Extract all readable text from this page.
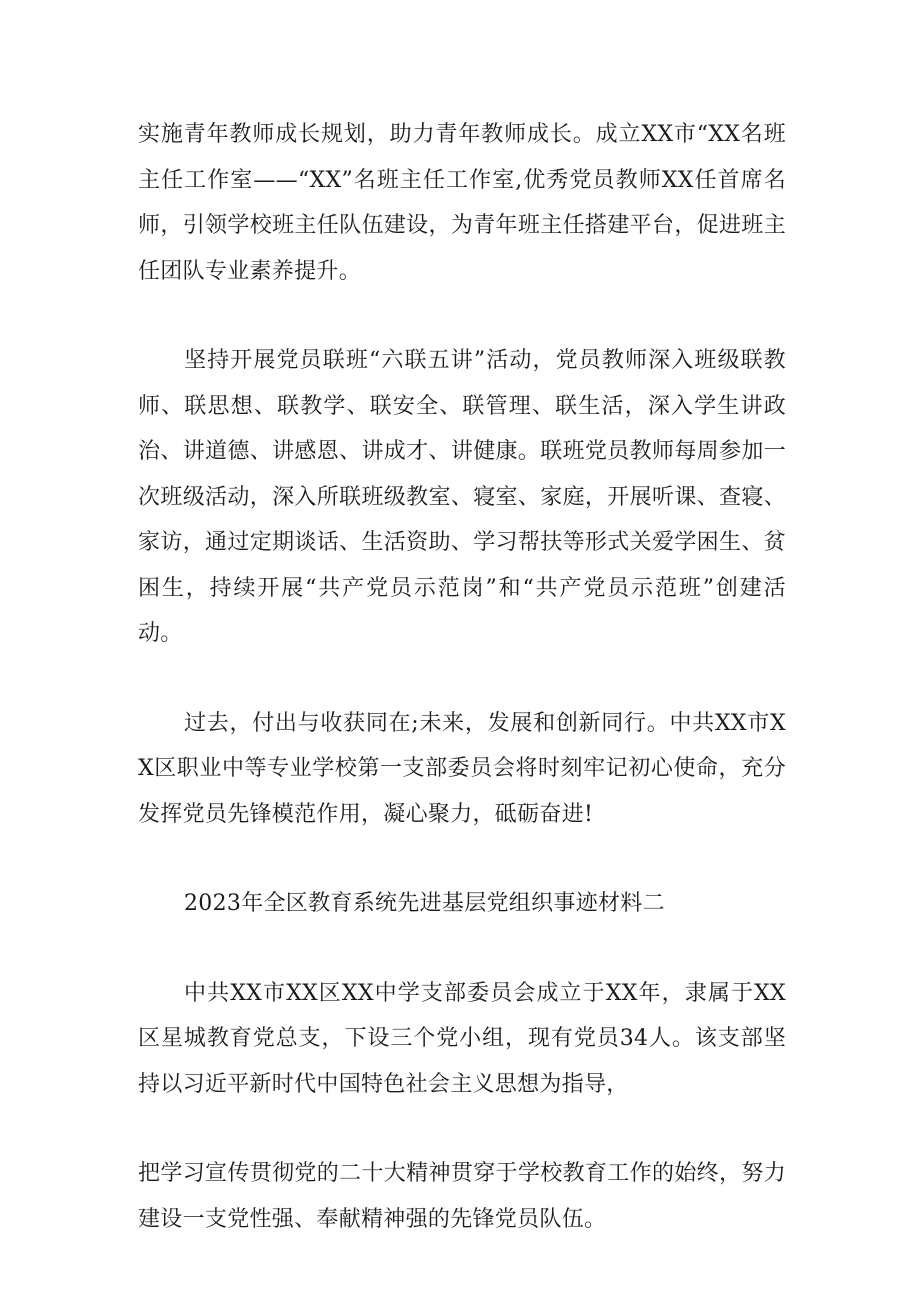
实施青年教师成长规划，助力青年教师成长。成立XX市“XX名班主任工作室——“XX”名班主任工作室,优秀党员教师XX任首席名师，引领学校班主任队伍建设，为青年班主任搭建平台，促进班主任团队专业素养提升。

坚持开展党员联班“六联五讲”活动，党员教师深入班级联教师、联思想、联教学、联安全、联管理、联生活，深入学生讲政治、讲道德、讲感恩、讲成才、讲健康。联班党员教师每周参加一次班级活动，深入所联班级教室、寝室、家庭，开展听课、查寝、家访，通过定期谈话、生活资助、学习帮扶等形式关爱学困生、贫困生，持续开展“共产党员示范岗”和“共产党员示范班”创建活动。

过去，付出与收获同在;未来，发展和创新同行。中共XX市XX区职业中等专业学校第一支部委员会将时刻牢记初心使命，充分发挥党员先锋模范作用，凝心聚力，砥砺奋进!

2023年全区教育系统先进基层党组织事迹材料二

中共XX市XX区XX中学支部委员会成立于XX年，隶属于XX区星城教育党总支，下设三个党小组，现有党员34人。该支部坚持以习近平新时代中国特色社会主义思想为指导，

把学习宣传贯彻党的二十大精神贯穿于学校教育工作的始终，努力建设一支党性强、奉献精神强的先锋党员队伍。
